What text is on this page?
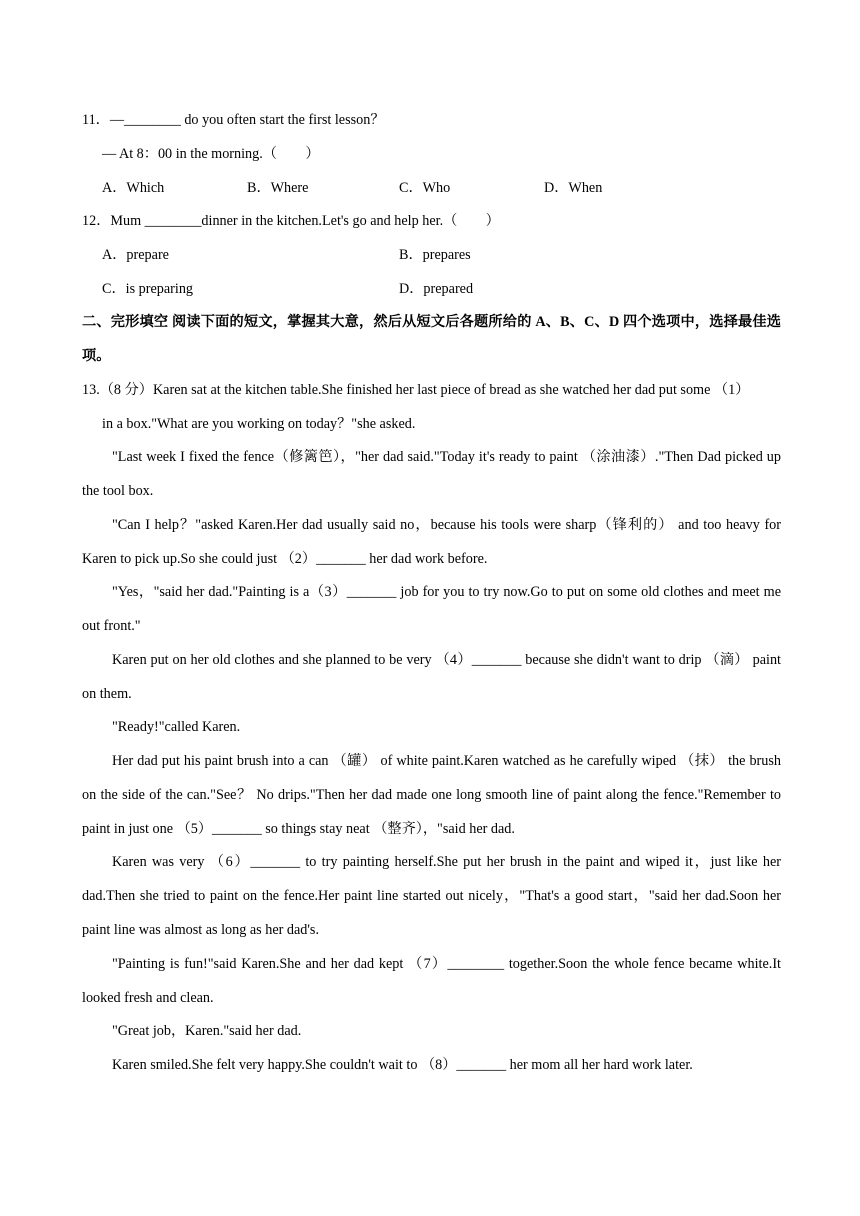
11．—________ do you often start the first lesson？
— At 8：00 in the morning.（　　）
A．Which	B．Where	C．Who	D．When
12．Mum ________dinner in the kitchen.Let's go and help her.（　　）
A．prepare	B．prepares
C．is preparing	D．prepared
二、完形填空 阅读下面的短文，掌握其大意，然后从短文后各题所给的 A、B、C、D 四个选项中，选择最佳选项。
13.（8 分）Karen sat at the kitchen table.She finished her last piece of bread as she watched her dad put some （1）
in a box."What are you working on today？"she asked.
"Last week I fixed the fence（修篱笆），"her dad said."Today it's ready to paint （涂油漆）."Then Dad picked up the tool box.
"Can I help？"asked Karen.Her dad usually said no，because his tools were sharp（锋利的） and too heavy for Karen to pick up.So she could just （2）_______ her dad work before.
"Yes，"said her dad."Painting is a（3）_______ job for you to try now.Go to put on some old clothes and meet me out front."
Karen put on her old clothes and she planned to be very （4）_______ because she didn't want to drip （滴） paint on them.
"Ready!"called Karen.
Her dad put his paint brush into a can （罐） of white paint.Karen watched as he carefully wiped （抹） the brush on the side of the can."See？ No drips."Then her dad made one long smooth line of paint along the fence."Remember to paint in just one （5）_______ so things stay neat （整齐），"said her dad.
Karen was very （6）_______ to try painting herself.She put her brush in the paint and wiped it，just like her dad.Then she tried to paint on the fence.Her paint line started out nicely，"That's a good start，"said her dad.Soon her paint line was almost as long as her dad's.
"Painting is fun!"said Karen.She and her dad kept （7）________ together.Soon the whole fence became white.It looked fresh and clean.
"Great job，Karen."said her dad.
Karen smiled.She felt very happy.She couldn't wait to （8）_______ her mom all her hard work later.
